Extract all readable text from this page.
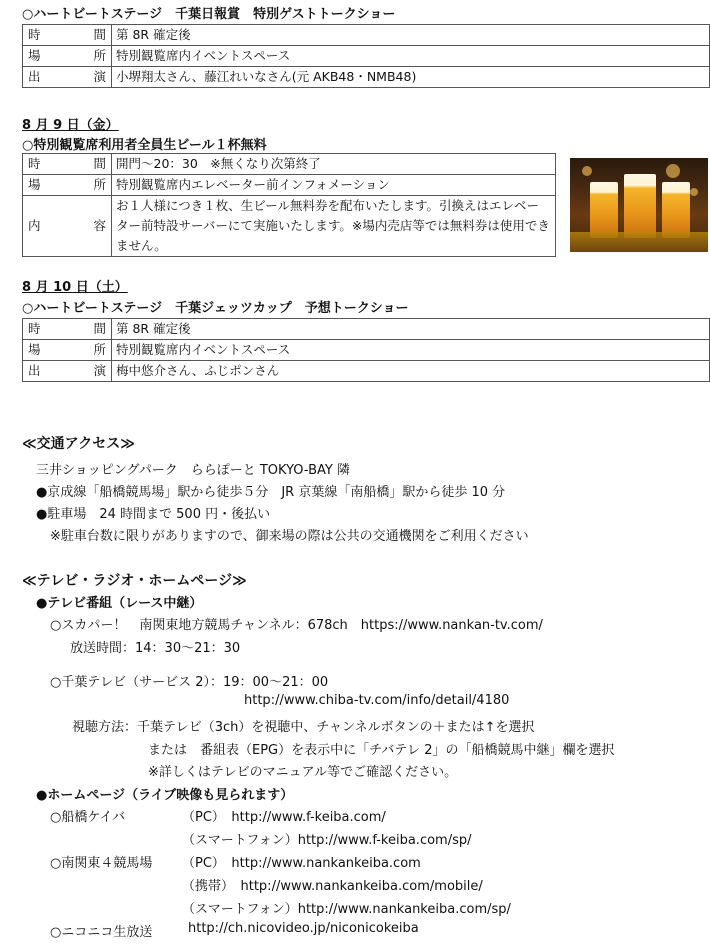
○ハートビートステージ　千葉日報賞　特別ゲストトークショー
時 間	第 8R 確定後

場 所	特別観覧席内イベントスペース

出 演	小堺翔太さん、藤江れいなさん(元 AKB48・NMB48)
8 月 9 日（金）
○特別観覧席利用者全員生ビール１杯無料
時 間	開門～20：30　※無くなり次第終了

場 所	特別観覧席内エレベーター前インフォメーション

内 容	お１人様につき１枚、生ビール無料券を配布いたします。引換えはエレベーター前特設サーバーにて実施いたします。※場内売店等では無料券は使用できません。
8 月 10 日（土）
○ハートビートステージ　千葉ジェッツカップ　予想トークショー
時 間	第 8R 確定後

場 所	特別観覧席内イベントスペース

出 演	梅中悠介さん、ふじポンさん
≪交通アクセス≫
三井ショッピングパーク　ららぽーと TOKYO-BAY 隣
●京成線「船橋競馬場」駅から徒歩５分　JR 京葉線「南船橋」駅から徒歩 10 分
●駐車場　24 時間まで 500 円・後払い
※駐車台数に限りがありますので、御来場の際は公共の交通機関をご利用ください
≪テレビ・ラジオ・ホームページ≫
●テレビ番組（レース中継）
○スカパー！　南関東地方競馬チャンネル：678ch　https://www.nankan-tv.com/
放送時間：14：30～21：30
○千葉テレビ（サービス 2）：19：00～21：00
http://www.chiba-tv.com/info/detail/4180
視聴方法：千葉テレビ（3ch）を視聴中、チャンネルボタンの＋または↑を選択
または　番組表（EPG）を表示中に「チバテレ 2」の「船橋競馬中継」欄を選択
※詳しくはテレビのマニュアル等でご確認ください。
●ホームページ（ライブ映像も見られます）
○船橋ケイバ	（PC）　http://www.f-keiba.com/
（スマートフォン）http://www.f-keiba.com/sp/
○南関東４競馬場 （PC）　http://www.nankankeiba.com
（携帯）　http://www.nankankeiba.com/mobile/
（スマートフォン）http://www.nankankeiba.com/sp/
○ニコニコ生放送	http://ch.nicovideo.jp/niconicokeiba
